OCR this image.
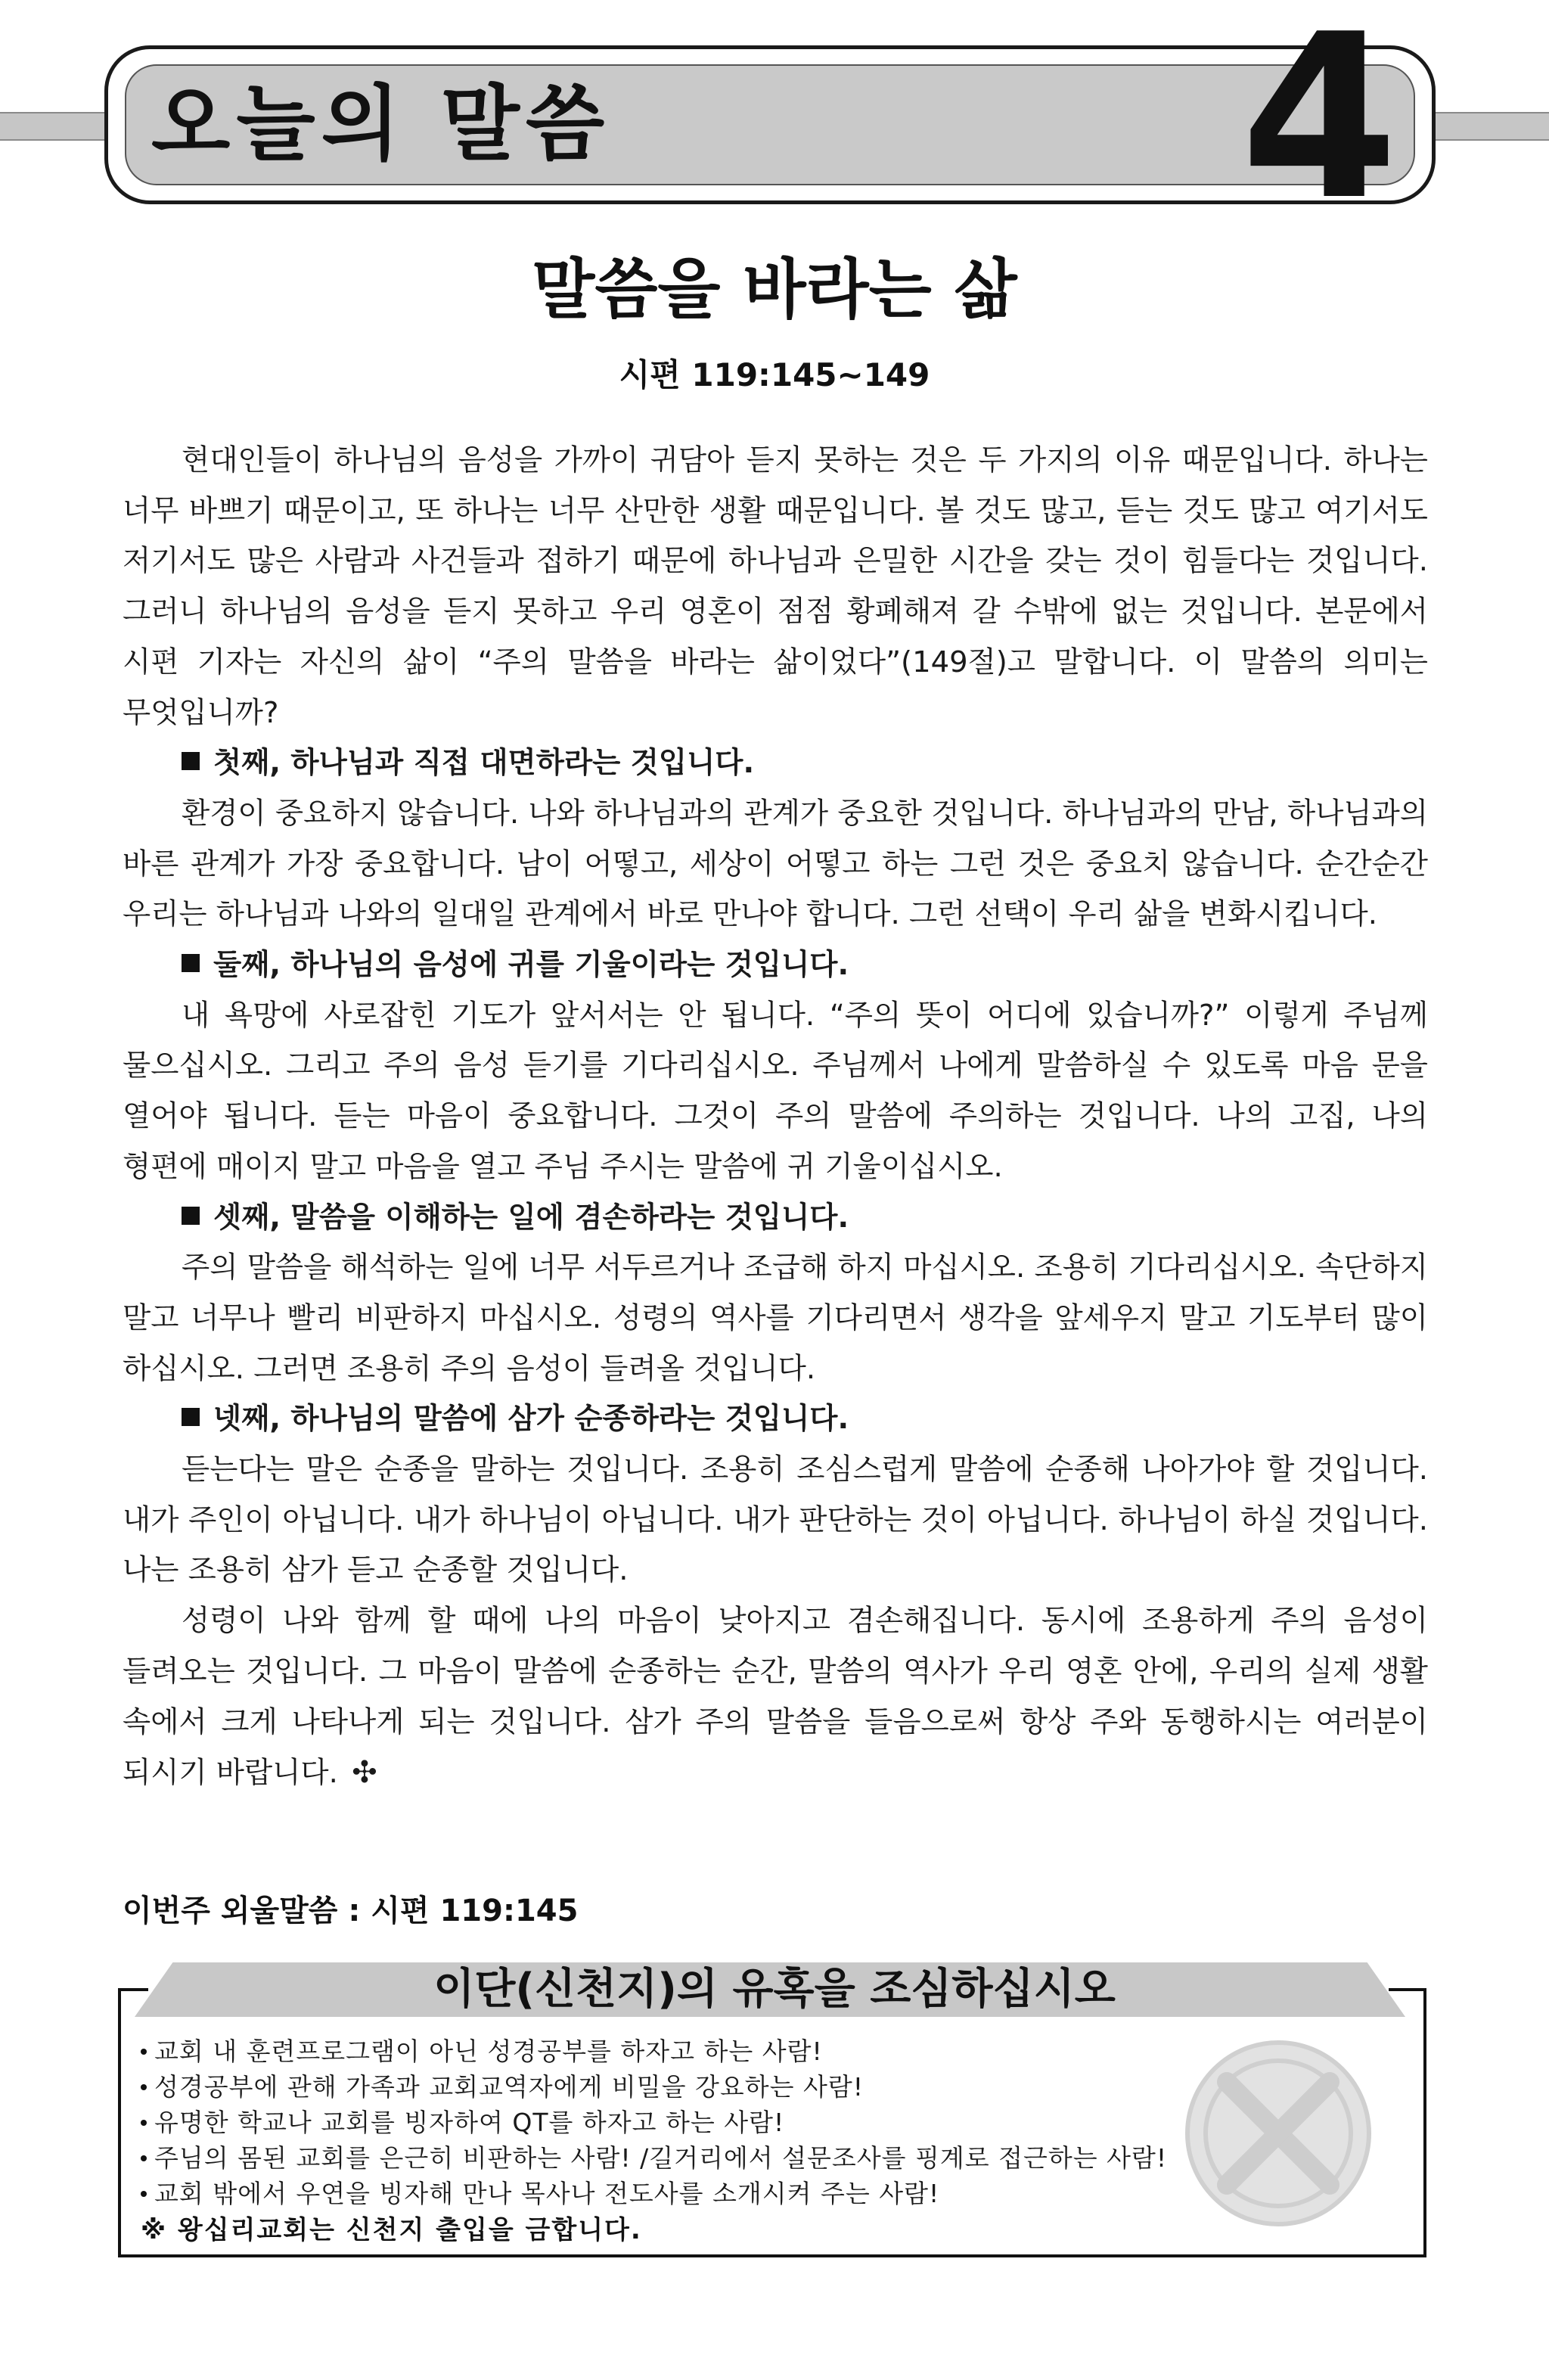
오늘의 말씀	4
말씀을 바라는 삶
시편 119:145~149

현대인들이 하나님의 음성을 가까이 귀담아 듣지 못하는 것은 두 가지의 이유 때문입니다. 하나는 너무 바쁘기 때문이고, 또 하나는 너무 산만한 생활 때문입니다. 볼 것도 많고, 듣는 것도 많고 여기서도 저기서도 많은 사람과 사건들과 접하기 때문에 하나님과 은밀한 시간을 갖는 것이 힘들다는 것입니다. 그러니 하나님의 음성을 듣지 못하고 우리 영혼이 점점 황폐해져 갈 수밖에 없는 것입니다. 본문에서 시편 기자는 자신의 삶이 “주의 말씀을 바라는 삶이었다”(149절)고 말합니다. 이 말씀의 의미는 무엇입니까?

첫째, 하나님과 직접 대면하라는 것입니다.

환경이 중요하지 않습니다. 나와 하나님과의 관계가 중요한 것입니다. 하나님과의 만남, 하나님과의 바른 관계가 가장 중요합니다. 남이 어떻고, 세상이 어떻고 하는 그런 것은 중요치 않습니다. 순간순간 우리는 하나님과 나와의 일대일 관계에서 바로 만나야 합니다. 그런 선택이 우리 삶을 변화시킵니다.

둘째, 하나님의 음성에 귀를 기울이라는 것입니다.

내 욕망에 사로잡힌 기도가 앞서서는 안 됩니다. “주의 뜻이 어디에 있습니까?” 이렇게 주님께 물으십시오. 그리고 주의 음성 듣기를 기다리십시오. 주님께서 나에게 말씀하실 수 있도록 마음 문을 열어야 됩니다. 듣는 마음이 중요합니다. 그것이 주의 말씀에 주의하는 것입니다. 나의 고집, 나의 형편에 매이지 말고 마음을 열고 주님 주시는 말씀에 귀 기울이십시오.

셋째, 말씀을 이해하는 일에 겸손하라는 것입니다.

주의 말씀을 해석하는 일에 너무 서두르거나 조급해 하지 마십시오. 조용히 기다리십시오. 속단하지 말고 너무나 빨리 비판하지 마십시오. 성령의 역사를 기다리면서 생각을 앞세우지 말고 기도부터 많이 하십시오. 그러면 조용히 주의 음성이 들려올 것입니다.

넷째, 하나님의 말씀에 삼가 순종하라는 것입니다.

듣는다는 말은 순종을 말하는 것입니다. 조용히 조심스럽게 말씀에 순종해 나아가야 할 것입니다. 내가 주인이 아닙니다. 내가 하나님이 아닙니다. 내가 판단하는 것이 아닙니다. 하나님이 하실 것입니다. 나는 조용히 삼가 듣고 순종할 것입니다.

성령이 나와 함께 할 때에 나의 마음이 낮아지고 겸손해집니다. 동시에 조용하게 주의 음성이 들려오는 것입니다. 그 마음이 말씀에 순종하는 순간, 말씀의 역사가 우리 영혼 안에, 우리의 실제 생활 속에서 크게 나타나게 되는 것입니다. 삼가 주의 말씀을 들음으로써 항상 주와 동행하시는 여러분이 되시기 바랍니다. ✣

이번주 외울말씀 : 시편 119:145
이단(신천지)의 유혹을 조심하십시오
교회 내 훈련프로그램이 아닌 성경공부를 하자고 하는 사람!
성경공부에 관해 가족과 교회교역자에게 비밀을 강요하는 사람!
유명한 학교나 교회를 빙자하여 QT를 하자고 하는 사람!
주님의 몸된 교회를 은근히 비판하는 사람! /길거리에서 설문조사를 핑계로 접근하는 사람!
교회 밖에서 우연을 빙자해 만나 목사나 전도사를 소개시켜 주는 사람!
※ 왕십리교회는 신천지 출입을 금합니다.
